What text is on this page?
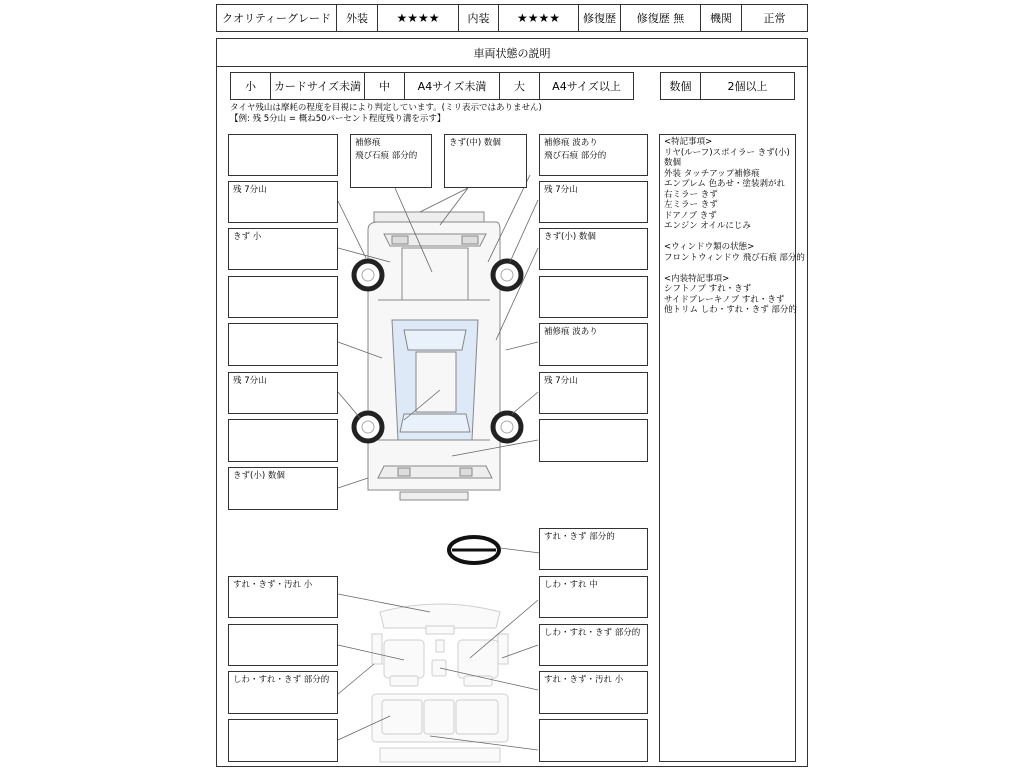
クオリティーグレード	外装	★★★★	内装	★★★★	修復歴	修復歴 無	機関	正常
車両状態の説明
小	カードサイズ未満	中	A4サイズ未満	大	A4サイズ以上	数個	2個以上
タイヤ残山は摩耗の程度を目視により判定しています。(ミリ表示ではありません)
【例: 残 5分山 = 概ね50パーセント程度残り溝を示す】
補修痕
飛び石痕 部分的
きず(中) 数個	補修痕 波あり
飛び石痕 部分的
残 7分山
きず 小
残 7分山
きず(小) 数個
残 7分山
きず(小) 数個
補修痕 波あり
残 7分山
すれ・きず 部分的
すれ・きず・汚れ 小
しわ・すれ・きず 部分的
しわ・すれ 中
しわ・すれ・きず 部分的
すれ・きず・汚れ 小
<特記事項>
リヤ(ルーフ)スポイラー きず(小)
数個
外装 タッチアップ補修痕
エンブレム 色あせ・塗装剥がれ
右ミラー きず
左ミラー きず
ドアノブ きず
エンジン オイルにじみ
<ウィンドウ類の状態>
フロントウィンドウ 飛び石痕 部分的
<内装特記事項>
シフトノブ すれ・きず
サイドブレーキノブ すれ・きず
他トリム しわ・すれ・きず 部分的
